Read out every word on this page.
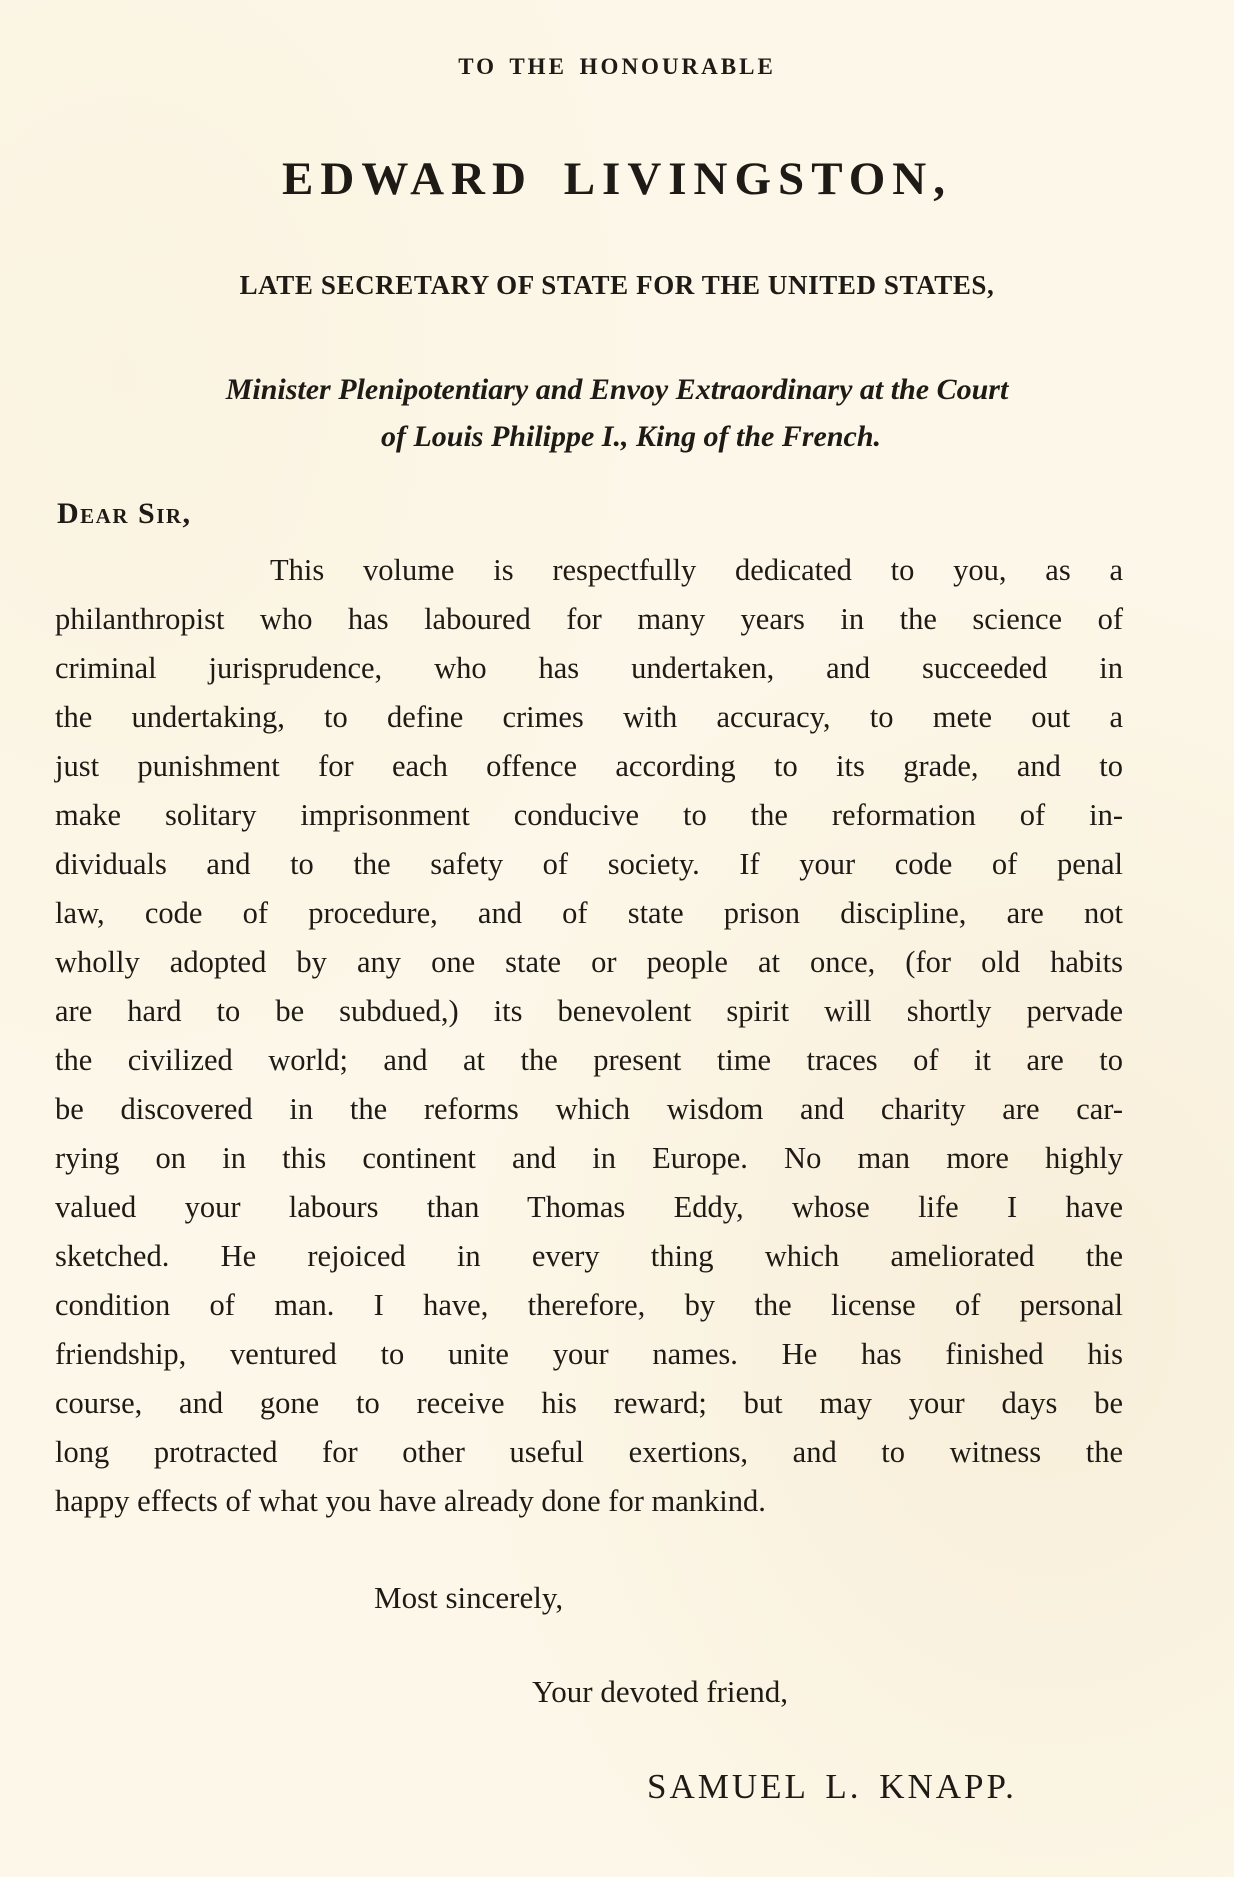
TO THE HONOURABLE
EDWARD LIVINGSTON,
LATE SECRETARY OF STATE FOR THE UNITED STATES,
Minister Plenipotentiary and Envoy Extraordinary at the Court
of Louis Philippe I., King of the French.
Dear Sir,
This volume is respectfully dedicated to you, as a
philanthropist who has laboured for many years in the science of
criminal jurisprudence, who has undertaken, and succeeded in
the undertaking, to define crimes with accuracy, to mete out a
just punishment for each offence according to its grade, and to
make solitary imprisonment conducive to the reformation of in-
dividuals and to the safety of society. If your code of penal
law, code of procedure, and of state prison discipline, are not
wholly adopted by any one state or people at once, (for old habits
are hard to be subdued,) its benevolent spirit will shortly pervade
the civilized world; and at the present time traces of it are to
be discovered in the reforms which wisdom and charity are car-
rying on in this continent and in Europe. No man more highly
valued your labours than Thomas Eddy, whose life I have
sketched. He rejoiced in every thing which ameliorated the
condition of man. I have, therefore, by the license of personal
friendship, ventured to unite your names. He has finished his
course, and gone to receive his reward; but may your days be
long protracted for other useful exertions, and to witness the
happy effects of what you have already done for mankind.
Most sincerely,
Your devoted friend,
SAMUEL L. KNAPP.
